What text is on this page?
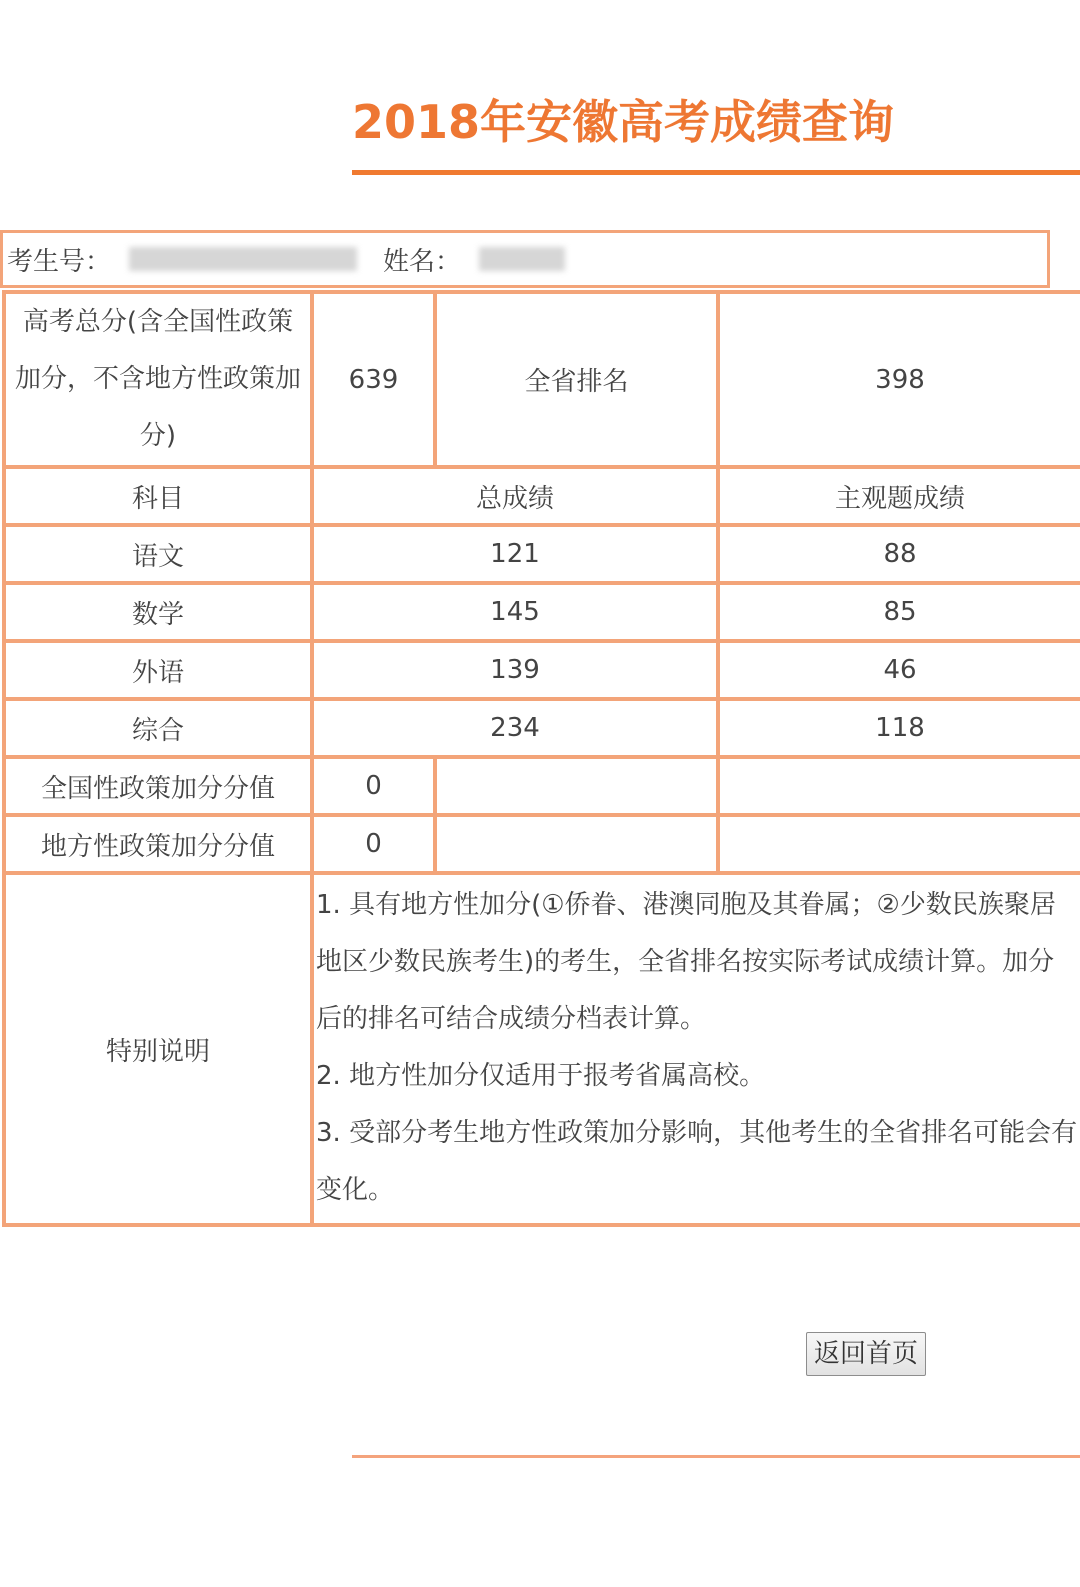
2018年安徽高考成绩查询
考生号：	姓名：
高考总分(含全国性政策加分，不含地方性政策加分)	639	全省排名	398
科目	总成绩		主观题成绩
语文	121		88
数学	145		85
外语	139		46
综合	234		118
全国性政策加分分值	0		
地方性政策加分分值	0		
特别说明	1. 具有地方性加分(①侨眷、港澳同胞及其眷属；②少数民族聚居地区少数民族考生)的考生，全省排名按实际考试成绩计算。加分后的排名可结合成绩分档表计算。
2. 地方性加分仅适用于报考省属高校。
3. 受部分考生地方性政策加分影响，其他考生的全省排名可能会有变化。		
返回首页
